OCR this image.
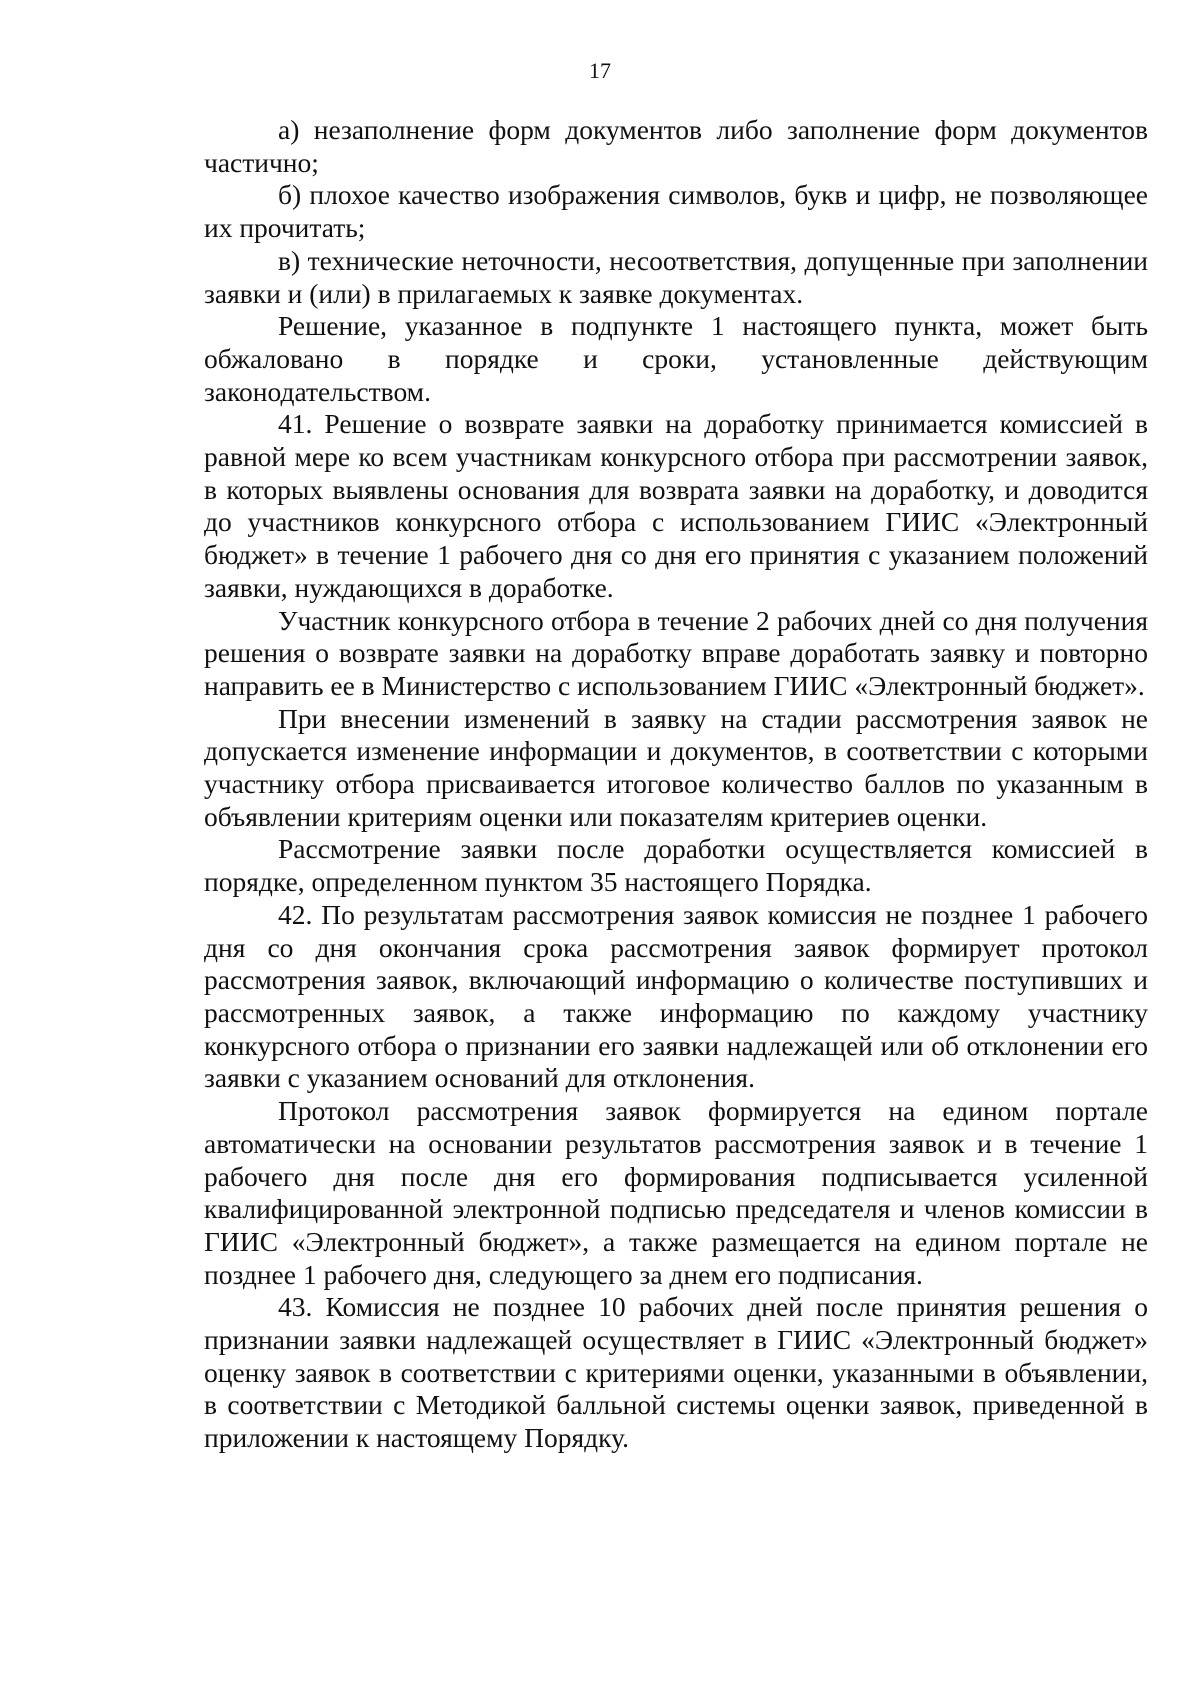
17

а) незаполнение форм документов либо заполнение форм документов частично;

б) плохое качество изображения символов, букв и цифр, не позволяющее их прочитать;

в) технические неточности, несоответствия, допущенные при заполнении заявки и (или) в прилагаемых к заявке документах.

Решение, указанное в подпункте 1 настоящего пункта, может быть обжаловано в порядке и сроки, установленные действующим законодательством.

41. Решение о возврате заявки на доработку принимается комиссией в равной мере ко всем участникам конкурсного отбора при рассмотрении заявок, в которых выявлены основания для возврата заявки на доработку, и доводится до участников конкурсного отбора с использованием ГИИС «Электронный бюджет» в течение 1 рабочего дня со дня его принятия с указанием положений заявки, нуждающихся в доработке.

Участник конкурсного отбора в течение 2 рабочих дней со дня получения решения о возврате заявки на доработку вправе доработать заявку и повторно направить ее в Министерство с использованием ГИИС «Электронный бюджет».

При внесении изменений в заявку на стадии рассмотрения заявок не допускается изменение информации и документов, в соответствии с которыми участнику отбора присваивается итоговое количество баллов по указанным в объявлении критериям оценки или показателям критериев оценки.

Рассмотрение заявки после доработки осуществляется комиссией в порядке, определенном пунктом 35 настоящего Порядка.

42. По результатам рассмотрения заявок комиссия не позднее 1 рабочего дня со дня окончания срока рассмотрения заявок формирует протокол рассмотрения заявок, включающий информацию о количестве поступивших и рассмотренных заявок, а также информацию по каждому участнику конкурсного отбора о признании его заявки надлежащей или об отклонении его заявки с указанием оснований для отклонения.

Протокол рассмотрения заявок формируется на едином портале автоматически на основании результатов рассмотрения заявок и в течение 1 рабочего дня после дня его формирования подписывается усиленной квалифицированной электронной подписью председателя и членов комиссии в ГИИС «Электронный бюджет», а также размещается на едином портале не позднее 1 рабочего дня, следующего за днем его подписания.

43. Комиссия не позднее 10 рабочих дней после принятия решения о признании заявки надлежащей осуществляет в ГИИС «Электронный бюджет» оценку заявок в соответствии с критериями оценки, указанными в объявлении, в соответствии с Методикой балльной системы оценки заявок, приведенной в приложении к настоящему Порядку.
